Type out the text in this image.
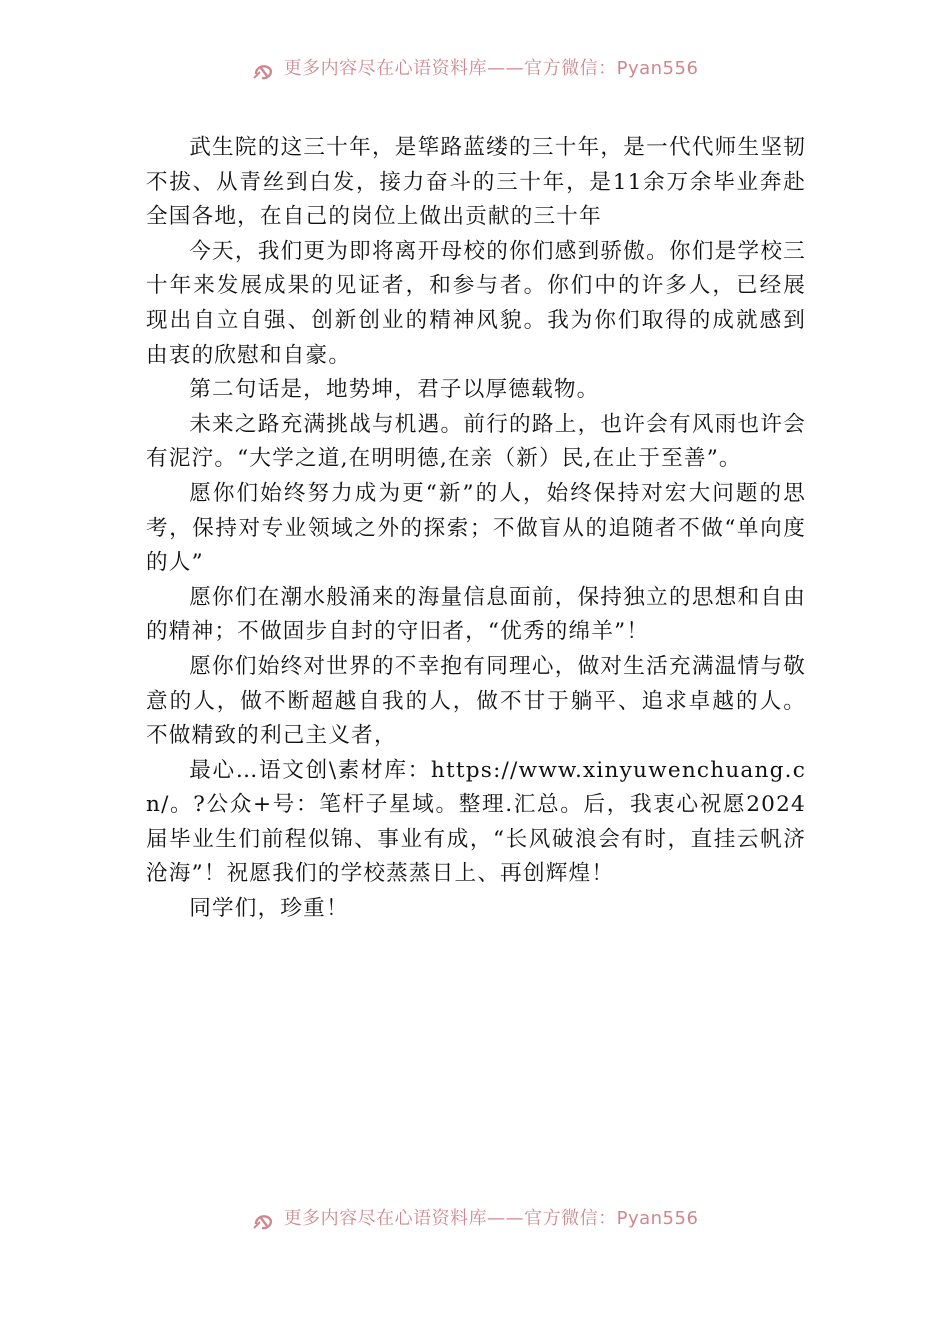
更多内容尽在心语资料库——官方微信：Pyan556

武生院的这三十年，是筚路蓝缕的三十年，是一代代师生坚韧不拔、从青丝到白发，接力奋斗的三十年，是11余万余毕业奔赴全国各地，在自己的岗位上做出贡献的三十年

今天，我们更为即将离开母校的你们感到骄傲。你们是学校三十年来发展成果的见证者，和参与者。你们中的许多人，已经展现出自立自强、创新创业的精神风貌。我为你们取得的成就感到由衷的欣慰和自豪。

第二句话是，地势坤，君子以厚德载物。

未来之路充满挑战与机遇。前行的路上，也许会有风雨也许会有泥泞。“大学之道,在明明德,在亲（新）民,在止于至善”。

愿你们始终努力成为更“新”的人，始终保持对宏大问题的思考，保持对专业领域之外的探索；不做盲从的追随者不做“单向度的人”

愿你们在潮水般涌来的海量信息面前，保持独立的思想和自由的精神；不做固步自封的守旧者，“优秀的绵羊”！

愿你们始终对世界的不幸抱有同理心，做对生活充满温情与敬意的人，做不断超越自我的人，做不甘于躺平、追求卓越的人。不做精致的利己主义者，

最心…语文创\素材库：https://www.xinyuwenchuang.cn/。?公众+号：笔杆子星域。整理.汇总。后，我衷心祝愿2024届毕业生们前程似锦、事业有成，“长风破浪会有时，直挂云帆济沧海”！祝愿我们的学校蒸蒸日上、再创辉煌！

同学们，珍重！

更多内容尽在心语资料库——官方微信：Pyan556
